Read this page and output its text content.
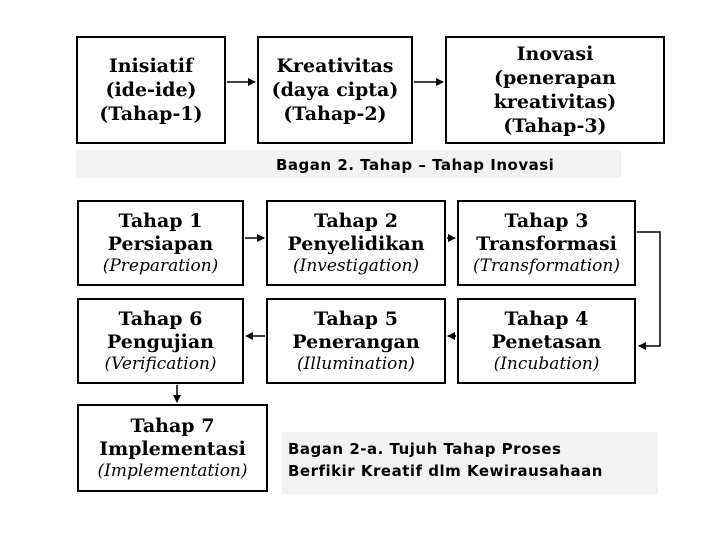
Inisiatif
(ide-ide)
(Tahap-1)
Kreativitas
(daya cipta)
(Tahap-2)
Inovasi
(penerapan
kreativitas)
(Tahap-3)
Bagan 2. Tahap – Tahap Inovasi
Tahap 1
Persiapan
(Preparation)
Tahap 2
Penyelidikan
(Investigation)
Tahap 3
Transformasi
(Transformation)
Tahap 6
Pengujian
(Verification)
Tahap 5
Penerangan
(Illumination)
Tahap 4
Penetasan
(Incubation)
Tahap 7
Implementasi
(Implementation)
Bagan 2-a. Tujuh Tahap Proses
Berfikir Kreatif dlm Kewirausahaan
